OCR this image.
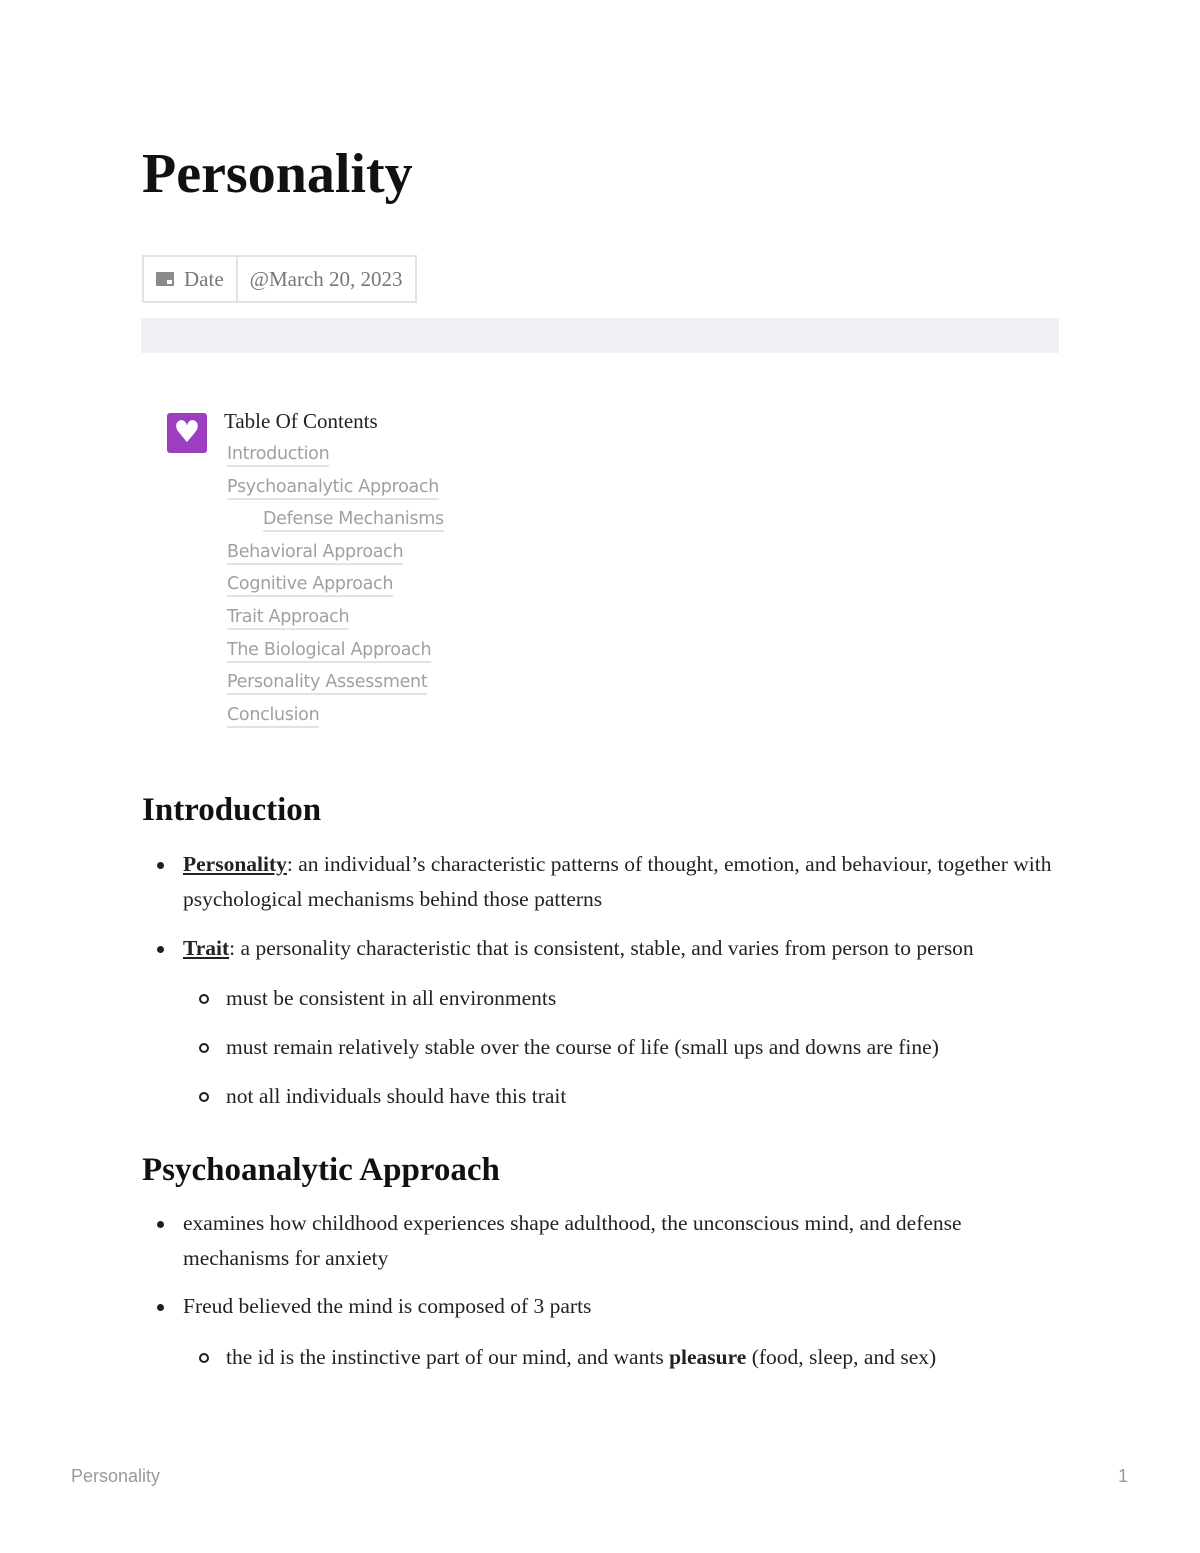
Personality
Date	@March 20, 2023
♥	Table Of Contents
Introduction
Psychoanalytic Approach
Defense Mechanisms
Behavioral Approach
Cognitive Approach
Trait Approach
The Biological Approach
Personality Assessment
Conclusion
Introduction

Personality: an individual’s characteristic patterns of thought, emotion, and behaviour, together with psychological mechanisms behind those patterns

Trait: a personality characteristic that is consistent, stable, and varies from person to person

must be consistent in all environments

must remain relatively stable over the course of life (small ups and downs are fine)

not all individuals should have this trait

Psychoanalytic Approach

examines how childhood experiences shape adulthood, the unconscious mind, and defense mechanisms for anxiety

Freud believed the mind is composed of 3 parts

the id is the instinctive part of our mind, and wants pleasure (food, sleep, and sex)

Personality	1
